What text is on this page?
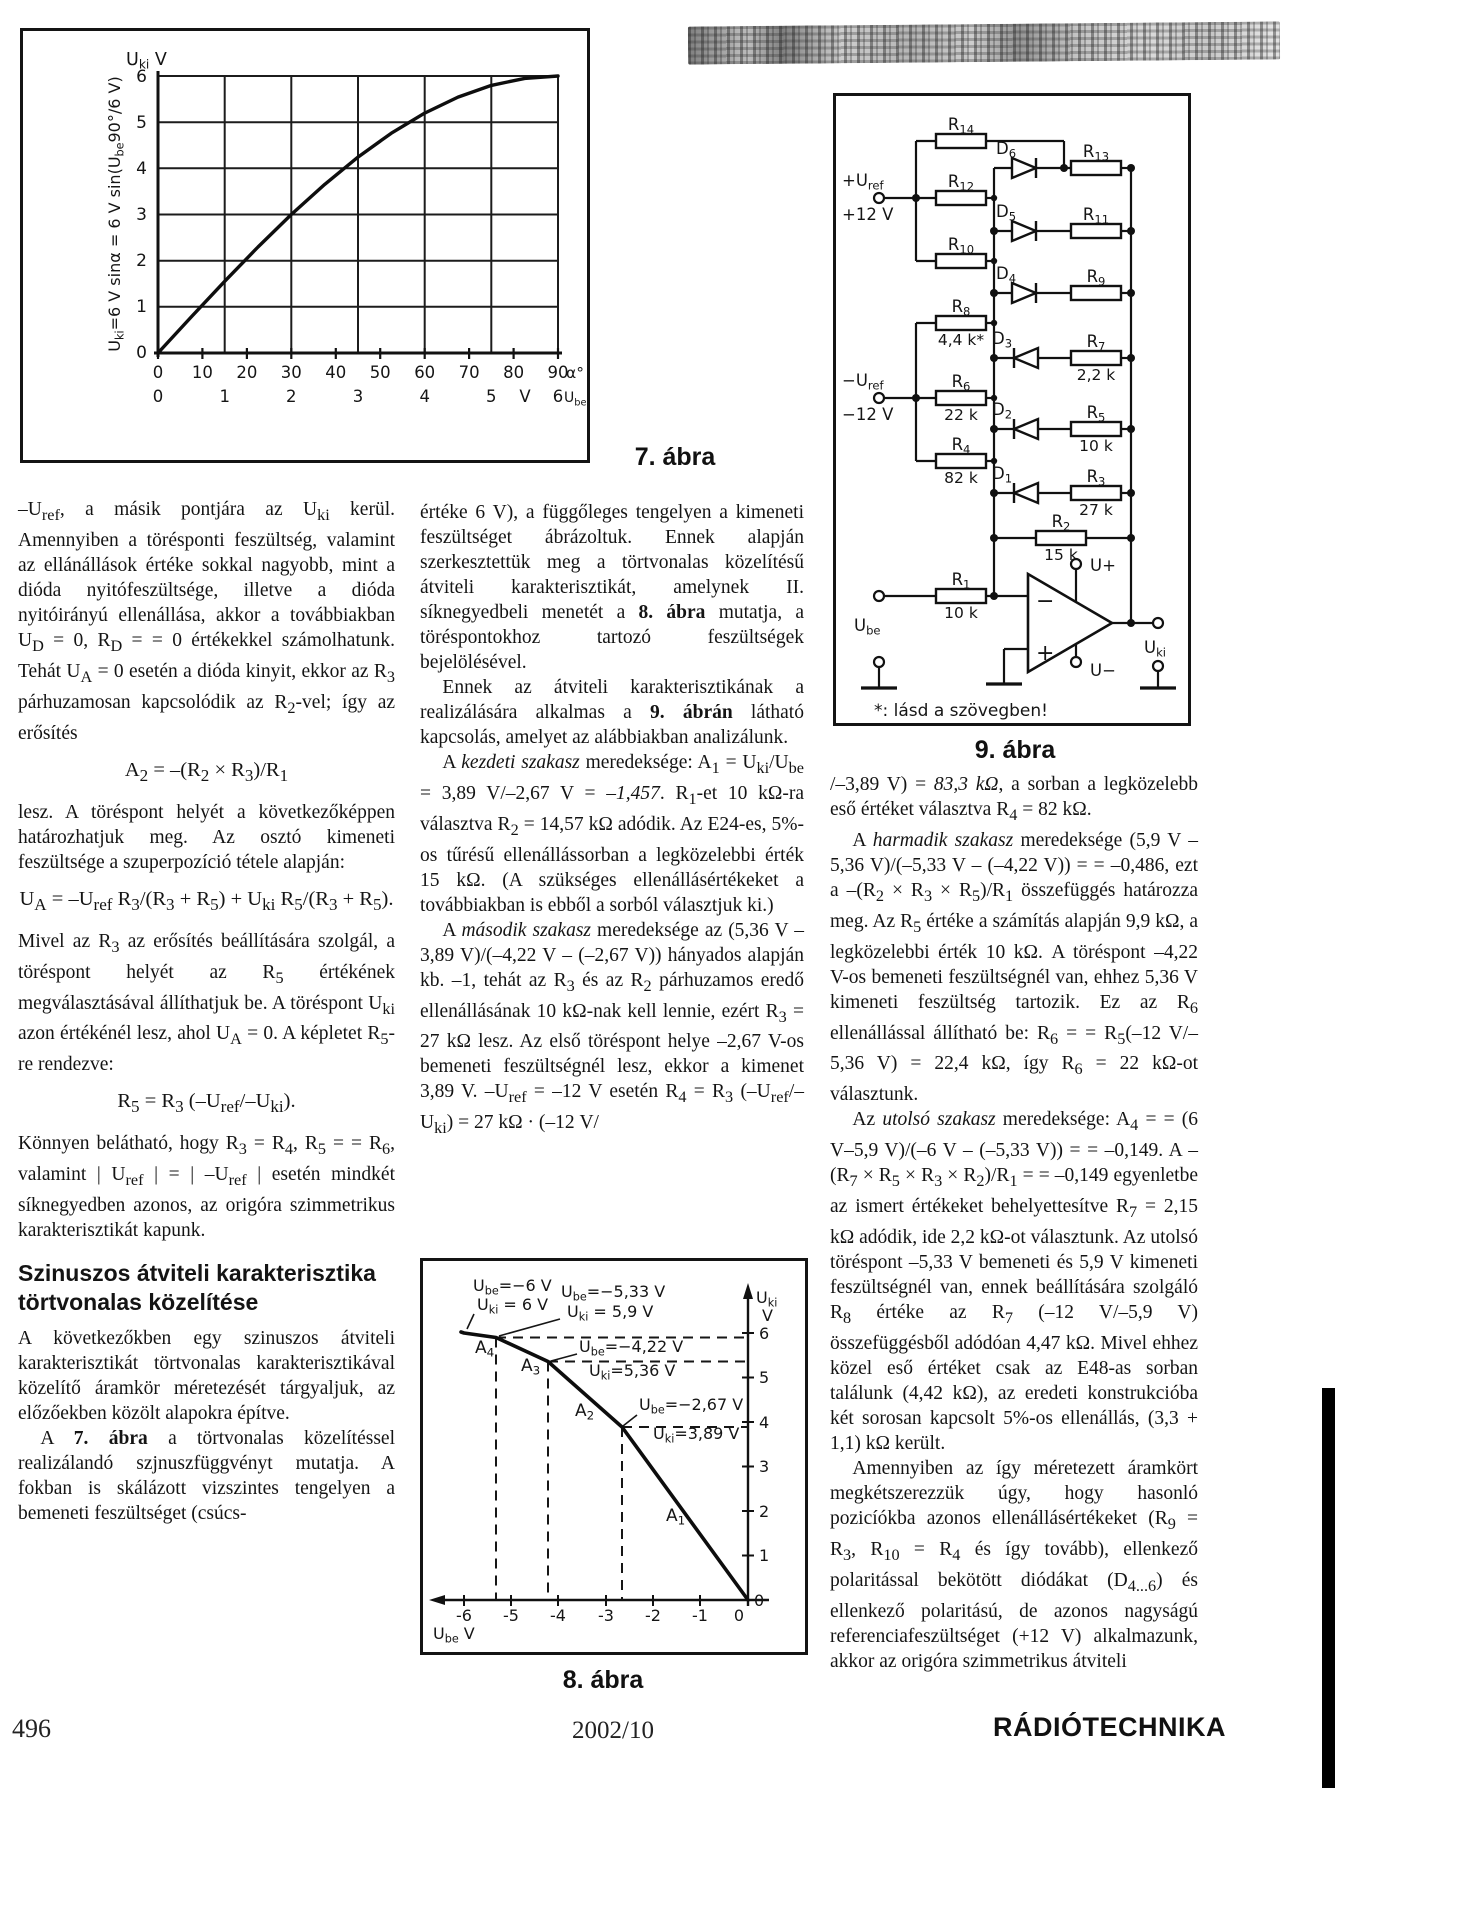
$U_{ki}$ V
$U_{ki}=6$ V sinα = 6 V $\sin(U_{be}90^\circ/6$ V) 6
5
4
3
2
1
0
0 10 20 30 40 50 60 70 80 90
α°
0	1	2	3	4	5 V 6 $U_{be}$
7. ábra
−
+
$R_{14}$
$R_{12}$
$R_{10}$
$R_8$
$R_6$
$R_4$
$R_1$
$R_{13}$
$R_{11}$
$R_9$
$R_7$
$R_5$
$R_3$
$R_2$
$D_6$
$D_5$
$D_4$
$D_3$
$D_2$
$D_1$
4,4 k*
22 k
82 k
2,2 k
10 k
27 k
15 k
10 k
$+U_{ref}$
+12 V
$-U_{ref}$
−12 V
$U_{be}$
$U_{ki}$
U+
U−
*: lásd a szövegben!
9. ábra
$U_{be}=-6$ V
$U_{ki} = 6$ V
$U_{be}=-5,33$ V
$U_{ki} = 5,9$ V
$U_{be}=-4,22$ V
$U_{ki}=5,36$ V
$U_{be}=-2,67$ V
$U_{ki}=3,89$ V
$A_4$
$A_3$
$A_2$
$A_1$
$U_{ki}$
V
6
5
4
3
2
1
0
-6 -5 -4 -3 -2 -1 0
$U_{be}$ V
8. ábra

$-U_{ref}$, a másik pontjára az $U_{ki}$ kerül. Amennyiben a törésponti feszültség, valamint az ellánállások értéke sokkal nagyobb, mint a dióda nyitófeszültsége, illetve a dióda nyitóirányú ellenállása, akkor a továbbiakban $U_D = 0$, $R_D$ = = 0 értékekkel számolhatunk. Tehát $U_A = 0$ esetén a dióda kinyit, ekkor az $R_3$ párhuzamosan kapcsolódik az $R_2$-vel; így az erősítés

$A_2 = -(R_2 \times R_3)/R_1$

lesz. A töréspont helyét a következőképpen határozhatjuk meg. Az osztó kimeneti feszültsége a szuperpozíció tétele alapján:

$U_A = -U_{ref}$ $R_3/(R_3 + R_5) + U_{ki}$ $R_5/(R_3 + R_5)$.

Mivel az $R_3$ az erősítés beállítására szolgál, a töréspont helyét az $R_5$ értékének megválasztásával állíthatjuk be. A töréspont $U_{ki}$ azon értékénél lesz, ahol $U_A = 0$. A képletet $R_5-re$ rendezve:

$R_5 = R_3$ $(-U_{ref}/-U_{ki})$.

Könnyen belátható, hogy $R_3 = R_4$, $R_5$ = = $R_6$, valamint | $U_{ref}$ | = | $-U_{ref}$ | esetén mindkét síknegyedben azonos, az origóra szimmetrikus karakterisztikát kapunk.

Szinuszos átviteli karakterisztika törtvonalas közelítése

A következőkben egy szinuszos átviteli karakterisztikát törtvonalas karakterisztikával közelítő áramkör méretezését tárgyaljuk, az előzőekben közölt alapokra építve.

A 7. ábra a törtvonalas közelítéssel realizálandó szjnuszfüggvényt mutatja. A fokban is skálázott vizszintes tengelyen a bemeneti feszültséget (csúcs-

értéke 6 V), a függőleges tengelyen a kimeneti feszültséget ábrázoltuk. Ennek alapján szerkesztettük meg a törtvonalas közelítésű átviteli karakterisztikát, amelynek II. síknegyedbeli menetét a 8. ábra mutatja, a töréspontokhoz tartozó feszültségek bejelölésével.

Ennek az átviteli karakterisztikának a realizálására alkalmas a 9. ábrán látható kapcsolás, amelyet az alábbiakban analizálunk.

A kezdeti szakasz meredeksége: $A_1 = U_{ki}/U_{be} = 3,89$ V/–2,67 V = –1,457. $R_1-et$ 10 kΩ-ra választva $R_2 = 14,57$ kΩ adódik. Az E24-es, 5%-os tűrésű ellenállássorban a legközelebbi érték 15 kΩ. (A szükséges ellenállásértékeket a továbbiakban is ebből a sorból választjuk ki.)

A második szakasz meredeksége az (5,36 V – 3,89 V)/(–4,22 V – (–2,67 V)) hányados alapján kb. –1, tehát az $R_3$ és az $R_2$ párhuzamos eredő ellenállásának 10 kΩ-nak kell lennie, ezért $R_3 = 27$ kΩ lesz. Az első töréspont helye –2,67 V-os bemeneti feszültségnél lesz, ekkor a kimenet 3,89 V. $-U_{ref} = -12$ V esetén $R_4 = R_3$ $(-U_{ref}/-U_{ki}) = 27$ kΩ · (–12 V/

/–3,89 V) = 83,3 kΩ, a sorban a legközelebb eső értéket választva $R_4 = 82$ kΩ.

A harmadik szakasz meredeksége (5,9 V – 5,36 V)/(–5,33 V – (–4,22 V)) = = –0,486, ezt a $-(R_2 \times R_3 \times R_5)/R_1$ összefüggés határozza meg. Az $R_5$ értéke a számítás alapján 9,9 kΩ, a legközelebbi érték 10 kΩ. A töréspont –4,22 V-os bemeneti feszültségnél van, ehhez 5,36 V kimeneti feszültség tartozik. Ez az $R_6$ ellenállással állítható be: $R_6$ = = $R_5(-12$ V/–5,36 V) = 22,4 kΩ, így $R_6 = 22$ kΩ-ot választunk.

Az utolsó szakasz meredeksége: $A_4$ = = (6 V–5,9 V)/(–6 V – (–5,33 V)) = = –0,149. A $-(R_7 \times R_5 \times R_3 \times R_2)/R_1$ = = –0,149 egyenletbe az ismert értékeket behelyettesítve $R_7 = 2,15$ kΩ adódik, ide 2,2 kΩ-ot választunk. Az utolsó töréspont –5,33 V bemeneti és 5,9 V kimeneti feszültségnél van, ennek beállítására szolgáló $R_8$ értéke az $R_7$ (–12 V/–5,9 V) összefüggésből adódóan 4,47 kΩ. Mivel ehhez közel eső értéket csak az E48-as sorban találunk (4,42 kΩ), az eredeti konstrukcióba két sorosan kapcsolt 5%-os ellenállás, (3,3 + 1,1) kΩ került.

Amennyiben az így méretezett áramkört megkétszerezzük úgy, hogy hasonló pozicíókba azonos ellenállásértékeket ($R_9 = R_3$, $R_{10} = R_4$ és így tovább), ellenkező polaritással bekötött diódákat $(D_{4...6})$ és ellenkező polaritású, de azonos nagyságú referenciafeszültséget (+12 V) alkalmazunk, akkor az origóra szimmetrikus átviteli

496	2002/10	RÁDIÓTECHNIKA
